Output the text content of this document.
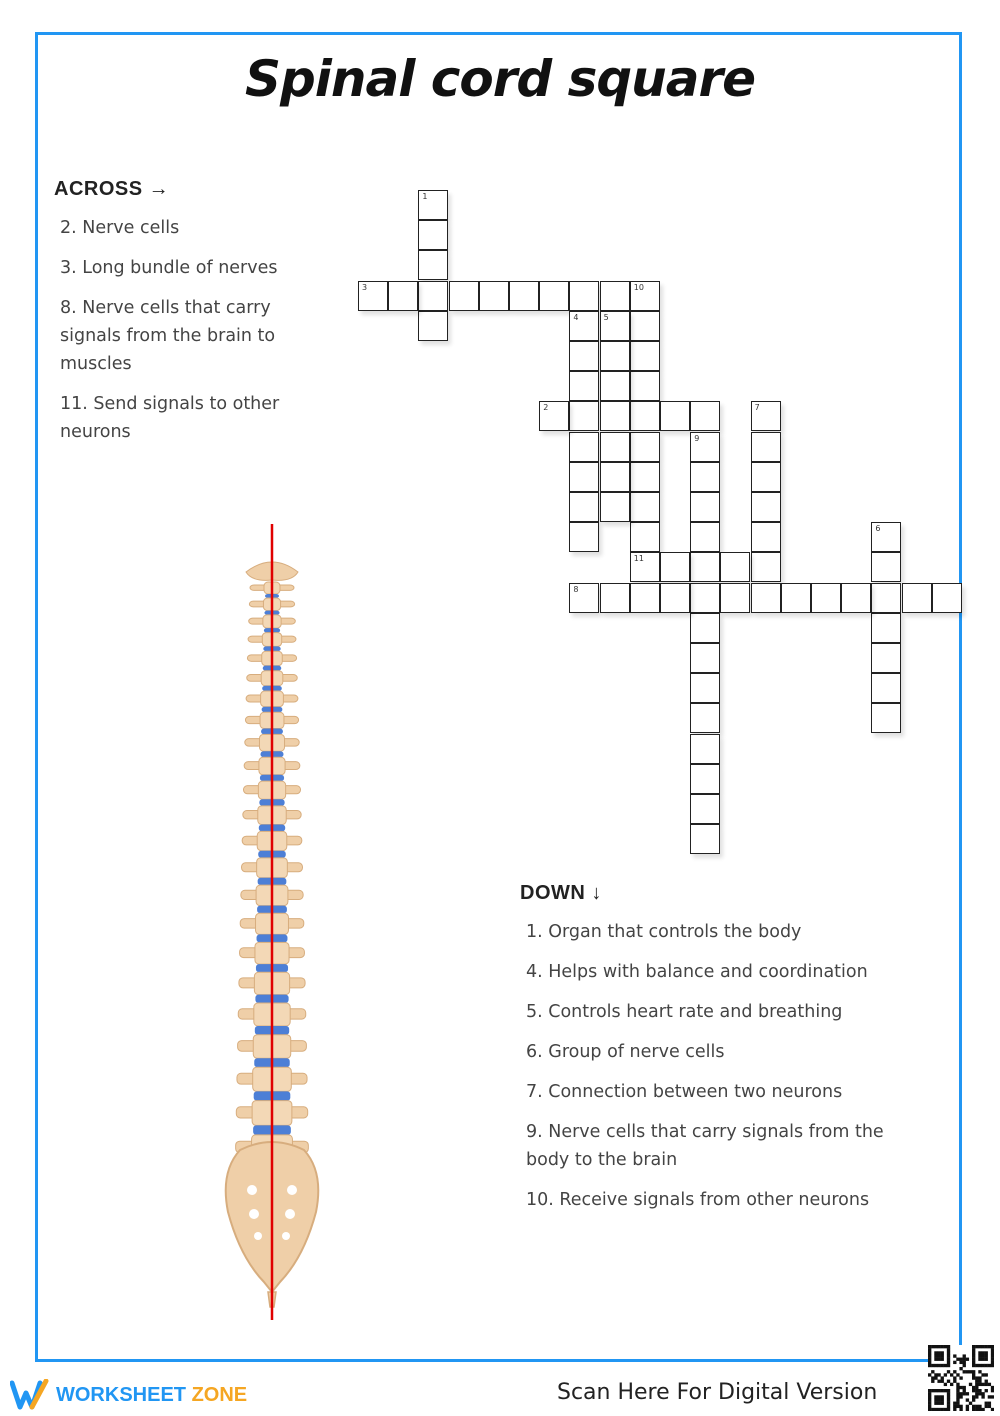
Spinal cord square
ACROSS →
2. Nerve cells
3. Long bundle of nerves
8. Nerve cells that carry signals from the brain to muscles
11. Send signals to other neurons
DOWN ↓
1. Organ that controls the body
4. Helps with balance and coordination
5. Controls heart rate and breathing
6. Group of nerve cells
7. Connection between two neurons
9. Nerve cells that carry signals from the body to the brain
10. Receive signals from other neurons
1
3	10
4	5
2	7
9
6
11
8
WORKSHEET ZONE	Scan Here For Digital Version
